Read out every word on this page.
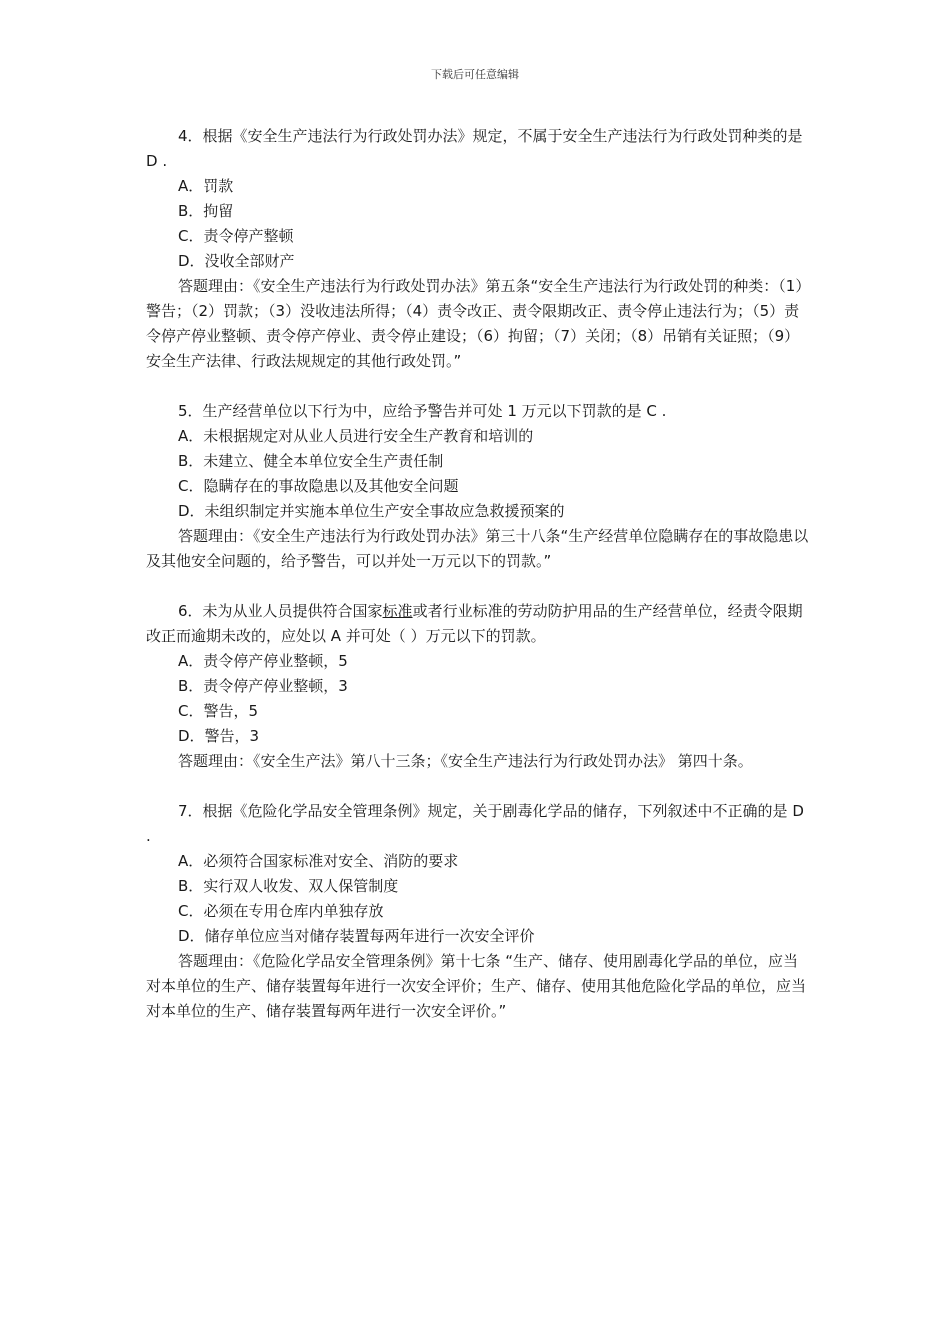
下载后可任意编辑

4．根据《安全生产违法行为行政处罚办法》规定，不属于安全生产违法行为行政处罚种类的是 D .

A．罚款

B．拘留

C．责令停产整顿

D．没收全部财产

答题理由：《安全生产违法行为行政处罚办法》第五条“安全生产违法行为行政处罚的种类：（1）警告；（2）罚款；（3）没收违法所得；（4）责令改正、责令限期改正、责令停止违法行为；（5）责令停产停业整顿、责令停产停业、责令停止建设；（6）拘留；（7）关闭；（8）吊销有关证照；（9）安全生产法律、行政法规规定的其他行政处罚。”

5．生产经营单位以下行为中，应给予警告并可处 1 万元以下罚款的是 C .

A．未根据规定对从业人员进行安全生产教育和培训的

B．未建立、健全本单位安全生产责任制

C．隐瞒存在的事故隐患以及其他安全问题

D．未组织制定并实施本单位生产安全事故应急救援预案的

答题理由：《安全生产违法行为行政处罚办法》第三十八条“生产经营单位隐瞒存在的事故隐患以及其他安全问题的，给予警告，可以并处一万元以下的罚款。”

6．未为从业人员提供符合国家标准或者行业标准的劳动防护用品的生产经营单位，经责令限期改正而逾期未改的，应处以 A 并可处（ ）万元以下的罚款。

A．责令停产停业整顿，5

B．责令停产停业整顿，3

C．警告，5

D．警告，3

答题理由：《安全生产法》第八十三条；《安全生产违法行为行政处罚办法》 第四十条。

7．根据《危险化学品安全管理条例》规定，关于剧毒化学品的储存，下列叙述中不正确的是 D .

A．必须符合国家标准对安全、消防的要求

B．实行双人收发、双人保管制度

C．必须在专用仓库内单独存放

D．储存单位应当对储存装置每两年进行一次安全评价

答题理由：《危险化学品安全管理条例》第十七条 “生产、储存、使用剧毒化学品的单位，应当对本单位的生产、储存装置每年进行一次安全评价；生产、储存、使用其他危险化学品的单位，应当对本单位的生产、储存装置每两年进行一次安全评价。”
